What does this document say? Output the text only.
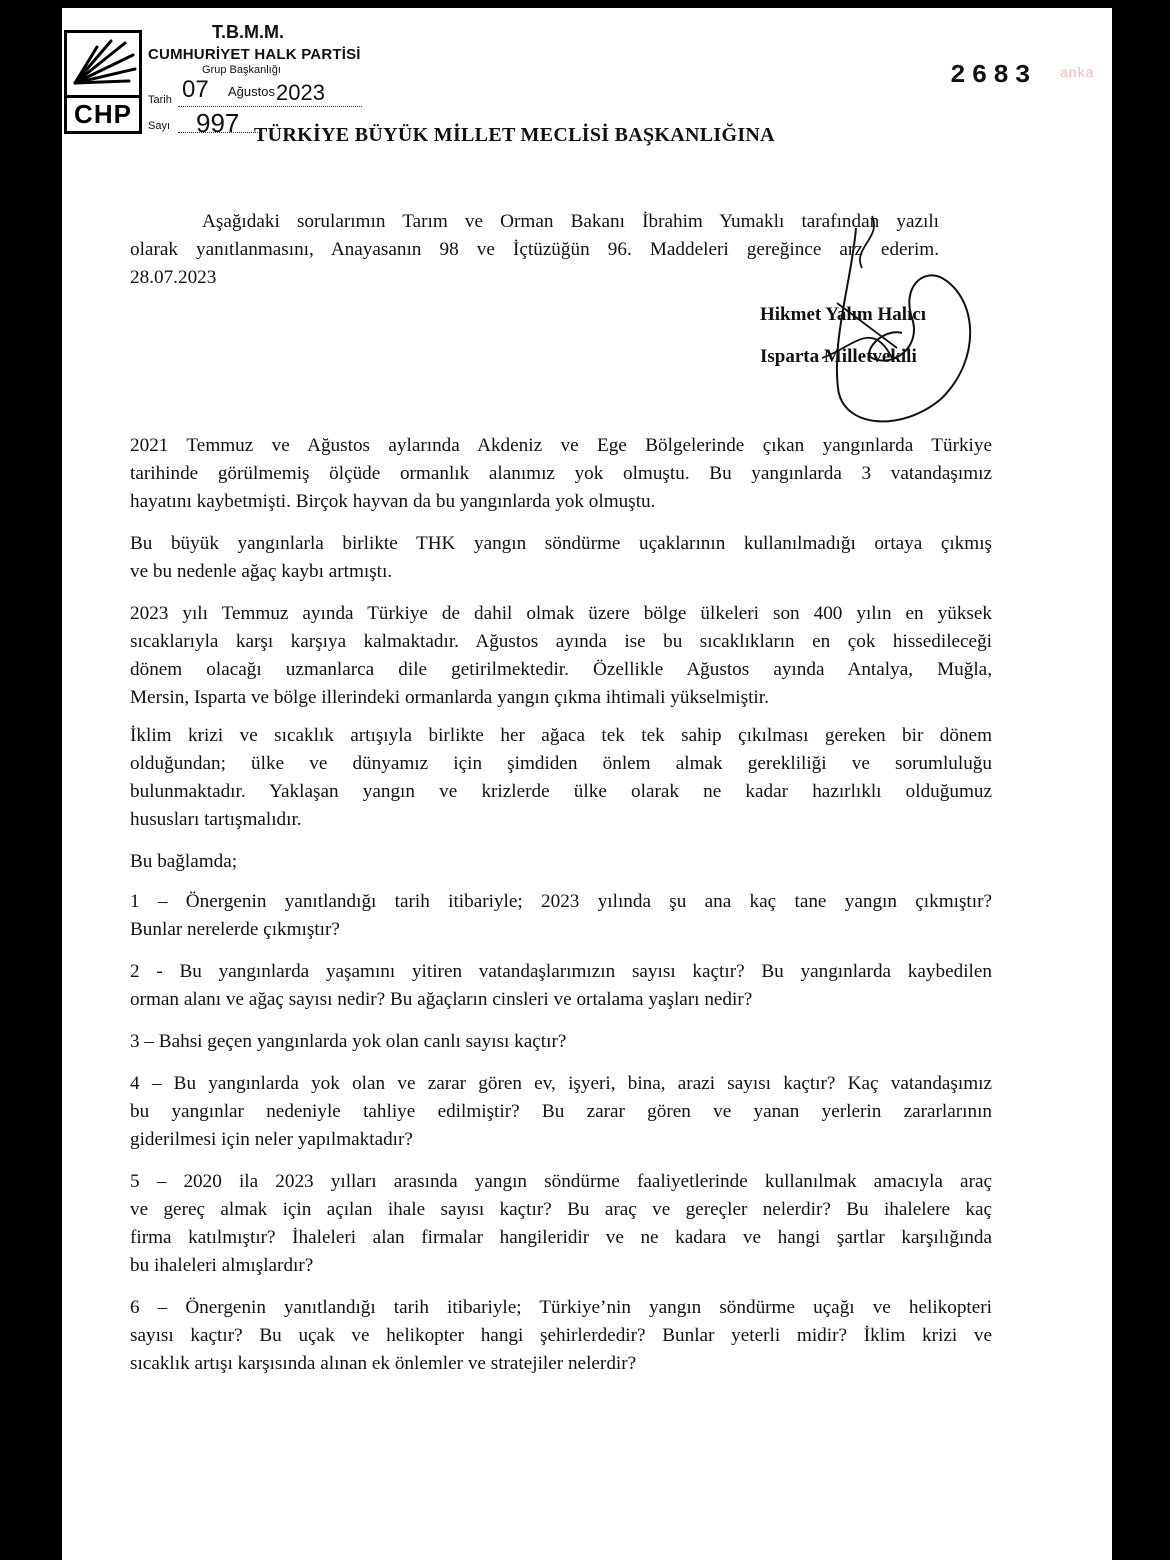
CHP
T.B.M.M.
CUMHURİYET HALK PARTİSİ
Grup Başkanlığı
Tarih 07 Ağustos 2023
Sayı 997
2683 anka
TÜRKİYE BÜYÜK MİLLET MECLİSİ BAŞKANLIĞINA
Aşağıdaki sorularımın Tarım ve Orman Bakanı İbrahim Yumaklı tarafından yazılı
olarak yanıtlanmasını, Anayasanın 98 ve İçtüzüğün 96. Maddeleri gereğince arz ederim.
28.07.2023
Hikmet Yalım Halıcı
Isparta Milletvekili
2021 Temmuz ve Ağustos aylarında Akdeniz ve Ege Bölgelerinde çıkan yangınlarda Türkiye
tarihinde görülmemiş ölçüde ormanlık alanımız yok olmuştu. Bu yangınlarda 3 vatandaşımız
hayatını kaybetmişti. Birçok hayvan da bu yangınlarda yok olmuştu.
Bu büyük yangınlarla birlikte THK yangın söndürme uçaklarının kullanılmadığı ortaya çıkmış
ve bu nedenle ağaç kaybı artmıştı.
2023 yılı Temmuz ayında Türkiye de dahil olmak üzere bölge ülkeleri son 400 yılın en yüksek
sıcaklarıyla karşı karşıya kalmaktadır. Ağustos ayında ise bu sıcaklıkların en çok hissedileceği
dönem olacağı uzmanlarca dile getirilmektedir. Özellikle Ağustos ayında Antalya, Muğla,
Mersin, Isparta ve bölge illerindeki ormanlarda yangın çıkma ihtimali yükselmiştir.
İklim krizi ve sıcaklık artışıyla birlikte her ağaca tek tek sahip çıkılması gereken bir dönem
olduğundan; ülke ve dünyamız için şimdiden önlem almak gerekliliği ve sorumluluğu
bulunmaktadır. Yaklaşan yangın ve krizlerde ülke olarak ne kadar hazırlıklı olduğumuz
hususları tartışmalıdır.
Bu bağlamda;
1 – Önergenin yanıtlandığı tarih itibariyle; 2023 yılında şu ana kaç tane yangın çıkmıştır?
Bunlar nerelerde çıkmıştır?
2 - Bu yangınlarda yaşamını yitiren vatandaşlarımızın sayısı kaçtır? Bu yangınlarda kaybedilen
orman alanı ve ağaç sayısı nedir? Bu ağaçların cinsleri ve ortalama yaşları nedir?
3 – Bahsi geçen yangınlarda yok olan canlı sayısı kaçtır?
4 – Bu yangınlarda yok olan ve zarar gören ev, işyeri, bina, arazi sayısı kaçtır? Kaç vatandaşımız
bu yangınlar nedeniyle tahliye edilmiştir? Bu zarar gören ve yanan yerlerin zararlarının
giderilmesi için neler yapılmaktadır?
5 – 2020 ila 2023 yılları arasında yangın söndürme faaliyetlerinde kullanılmak amacıyla araç
ve gereç almak için açılan ihale sayısı kaçtır? Bu araç ve gereçler nelerdir? Bu ihalelere kaç
firma katılmıştır? İhaleleri alan firmalar hangileridir ve ne kadara ve hangi şartlar karşılığında
bu ihaleleri almışlardır?
6 – Önergenin yanıtlandığı tarih itibariyle; Türkiye’nin yangın söndürme uçağı ve helikopteri
sayısı kaçtır? Bu uçak ve helikopter hangi şehirlerdedir? Bunlar yeterli midir? İklim krizi ve
sıcaklık artışı karşısında alınan ek önlemler ve stratejiler nelerdir?
